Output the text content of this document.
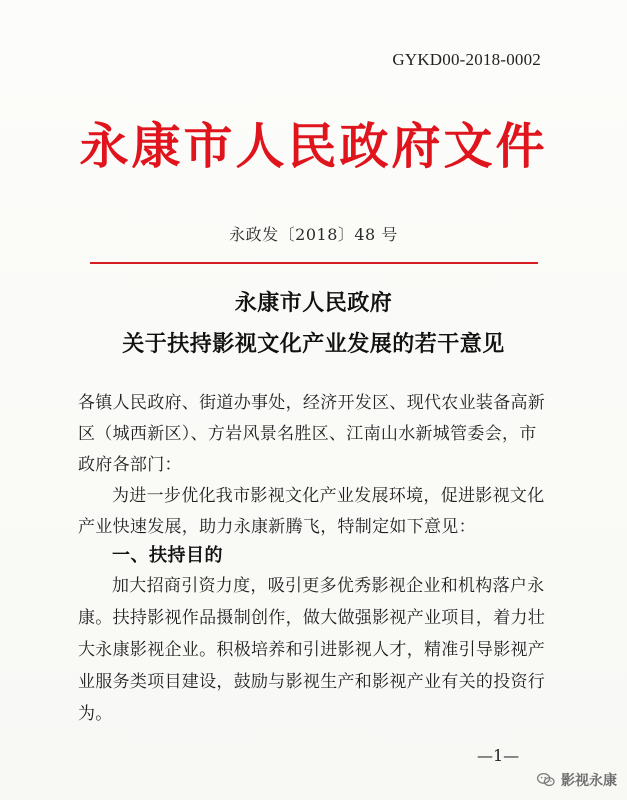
GYKD00-2018-0002
永康市人民政府文件
永政发〔2018〕48 号
永康市人民政府
关于扶持影视文化产业发展的若干意见

各镇人民政府、街道办事处，经济开发区、现代农业装备高新区（城西新区）、方岩风景名胜区、江南山水新城管委会，市政府各部门：

为进一步优化我市影视文化产业发展环境，促进影视文化产业快速发展，助力永康新腾飞，特制定如下意见：

一、扶持目的

加大招商引资力度，吸引更多优秀影视企业和机构落户永康。扶持影视作品摄制创作，做大做强影视产业项目，着力壮大永康影视企业。积极培养和引进影视人才，精准引导影视产业服务类项目建设，鼓励与影视生产和影视产业有关的投资行为。

—1—
影视永康
